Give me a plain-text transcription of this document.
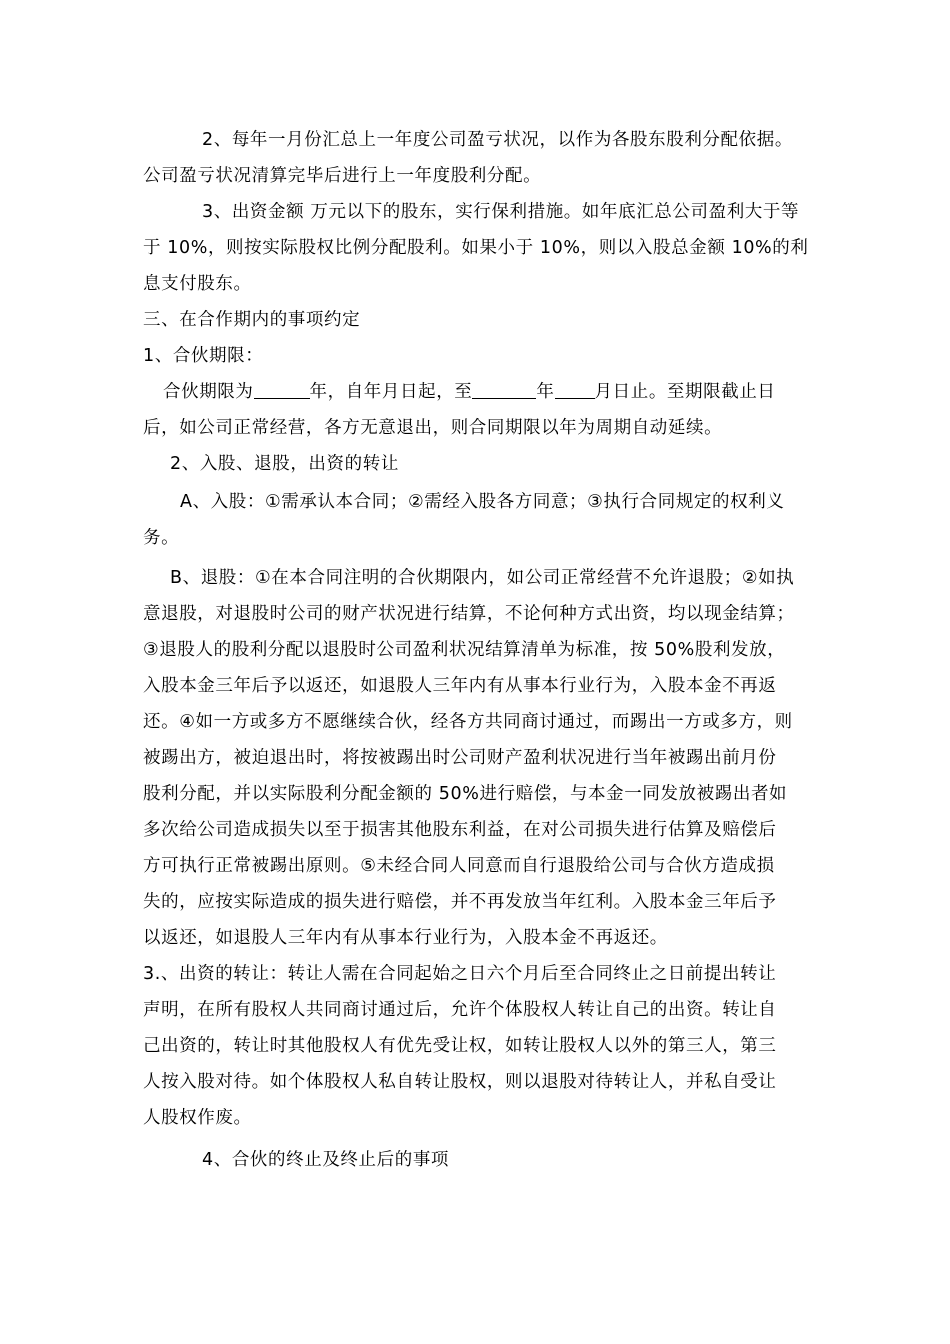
2、每年一月份汇总上一年度公司盈亏状况，以作为各股东股利分配依据。
公司盈亏状况清算完毕后进行上一年度股利分配。
3、出资金额 万元以下的股东，实行保利措施。如年底汇总公司盈利大于等
于 10%，则按实际股权比例分配股利。如果小于 10%，则以入股总金额 10%的利
息支付股东。
三、在合作期内的事项约定
1、合伙期限：
合伙期限为	年，自年月日起，至	年 月日止。至期限截止日
后，如公司正常经营，各方无意退出，则合同期限以年为周期自动延续。
2、入股、退股，出资的转让
A、入股：①需承认本合同；②需经入股各方同意；③执行合同规定的权利义
务。
B、退股：①在本合同注明的合伙期限内，如公司正常经营不允许退股；②如执
意退股，对退股时公司的财产状况进行结算，不论何种方式出资，均以现金结算；
③退股人的股利分配以退股时公司盈利状况结算清单为标准，按 50%股利发放，
入股本金三年后予以返还，如退股人三年内有从事本行业行为，入股本金不再返
还。④如一方或多方不愿继续合伙，经各方共同商讨通过，而踢出一方或多方，则
被踢出方，被迫退出时，将按被踢出时公司财产盈利状况进行当年被踢出前月份
股利分配，并以实际股利分配金额的 50%进行赔偿，与本金一同发放被踢出者如
多次给公司造成损失以至于损害其他股东利益，在对公司损失进行估算及赔偿后
方可执行正常被踢出原则。⑤未经合同人同意而自行退股给公司与合伙方造成损
失的，应按实际造成的损失进行赔偿，并不再发放当年红利。入股本金三年后予
以返还，如退股人三年内有从事本行业行为，入股本金不再返还。
3.、出资的转让：转让人需在合同起始之日六个月后至合同终止之日前提出转让
声明，在所有股权人共同商讨通过后，允许个体股权人转让自己的出资。转让自
己出资的，转让时其他股权人有优先受让权，如转让股权人以外的第三人，第三
人按入股对待。如个体股权人私自转让股权，则以退股对待转让人，并私自受让
人股权作废。
4、合伙的终止及终止后的事项
